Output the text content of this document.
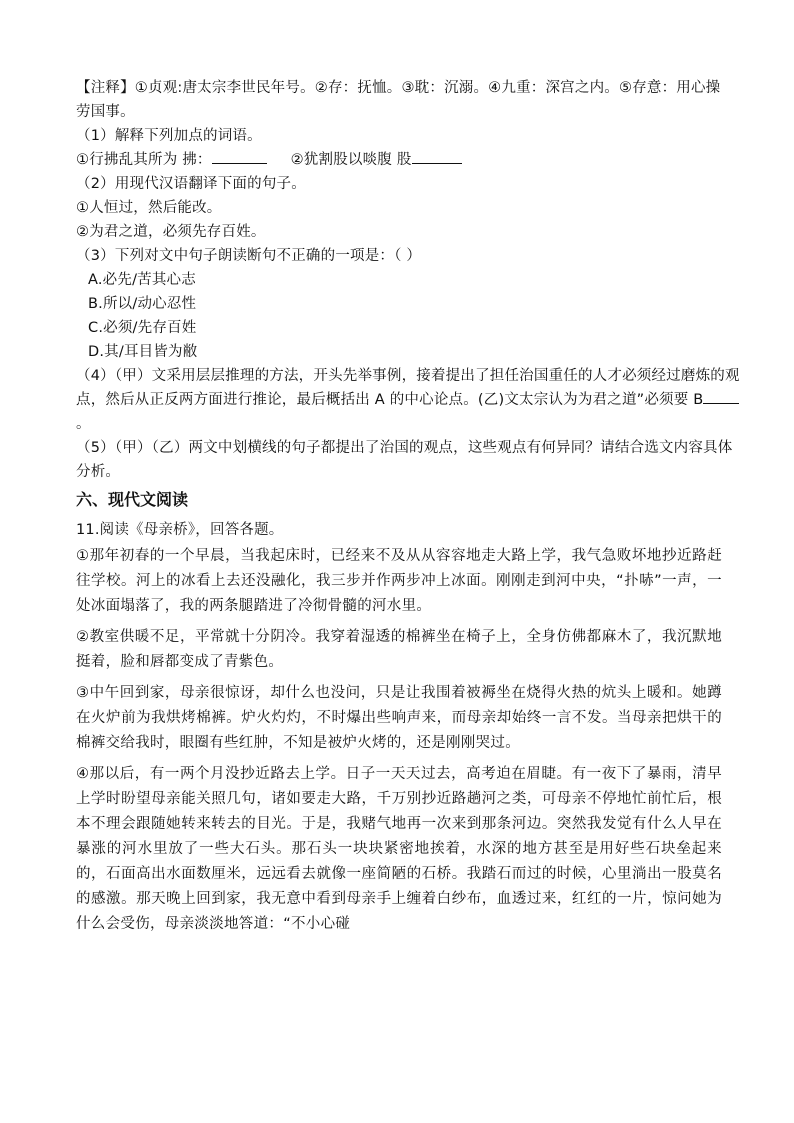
【注释】①贞观:唐太宗李世民年号。②存：抚恤。③耽：沉溺。④九重：深宫之内。⑤存意：用心操

劳国事。

（1）解释下列加点的词语。

①行拂乱其所为 拂：	②犹割股以啖腹 股

（2）用现代汉语翻译下面的句子。

①人恒过，然后能改。

②为君之道，必须先存百姓。

（3）下列对文中句子朗读断句不正确的一项是：（ ）

A.必先/苦其心志

B.所以/动心忍性

C.必须/先存百姓

D.其/耳目皆为敝

（4）（甲）文采用层层推理的方法，开头先举事例，接着提出了担任治国重任的人才必须经过磨炼的观

点，然后从正反两方面进行推论，最后概括出 A 的中心论点。(乙)文太宗认为为君之道”必须要 B

。

（5）（甲）（乙）两文中划横线的句子都提出了治国的观点，这些观点有何异同？请结合选文内容具体

分析。

六、现代文阅读

11.阅读《母亲桥》，回答各题。

①那年初春的一个早晨，当我起床时，已经来不及从从容容地走大路上学，我气急败坏地抄近路赶往学校。河上的冰看上去还没融化，我三步并作两步冲上冰面。刚刚走到河中央，“扑哧”一声，一处冰面塌落了，我的两条腿踏进了冷彻骨髓的河水里。

②教室供暖不足，平常就十分阴冷。我穿着湿透的棉裤坐在椅子上，全身仿佛都麻木了，我沉默地挺着，脸和唇都变成了青紫色。

③中午回到家，母亲很惊讶，却什么也没问，只是让我围着被褥坐在烧得火热的炕头上暖和。她蹲在火炉前为我烘烤棉裤。炉火灼灼，不时爆出些响声来，而母亲却始终一言不发。当母亲把烘干的棉裤交给我时，眼圈有些红肿，不知是被炉火烤的，还是刚刚哭过。

④那以后，有一两个月没抄近路去上学。日子一天天过去，高考迫在眉睫。有一夜下了暴雨，清早上学时盼望母亲能关照几句，诸如要走大路，千万别抄近路趟河之类，可母亲不停地忙前忙后，根本不理会跟随她转来转去的目光。于是，我赌气地再一次来到那条河边。突然我发觉有什么人早在暴涨的河水里放了一些大石头。那石头一块块紧密地挨着，水深的地方甚至是用好些石块垒起来的，石面高出水面数厘米，远远看去就像一座简陋的石桥。我踏石而过的时候，心里淌出一股莫名的感激。那天晚上回到家，我无意中看到母亲手上缠着白纱布，血透过来，红红的一片，惊问她为什么会受伤，母亲淡淡地答道：“不小心碰
